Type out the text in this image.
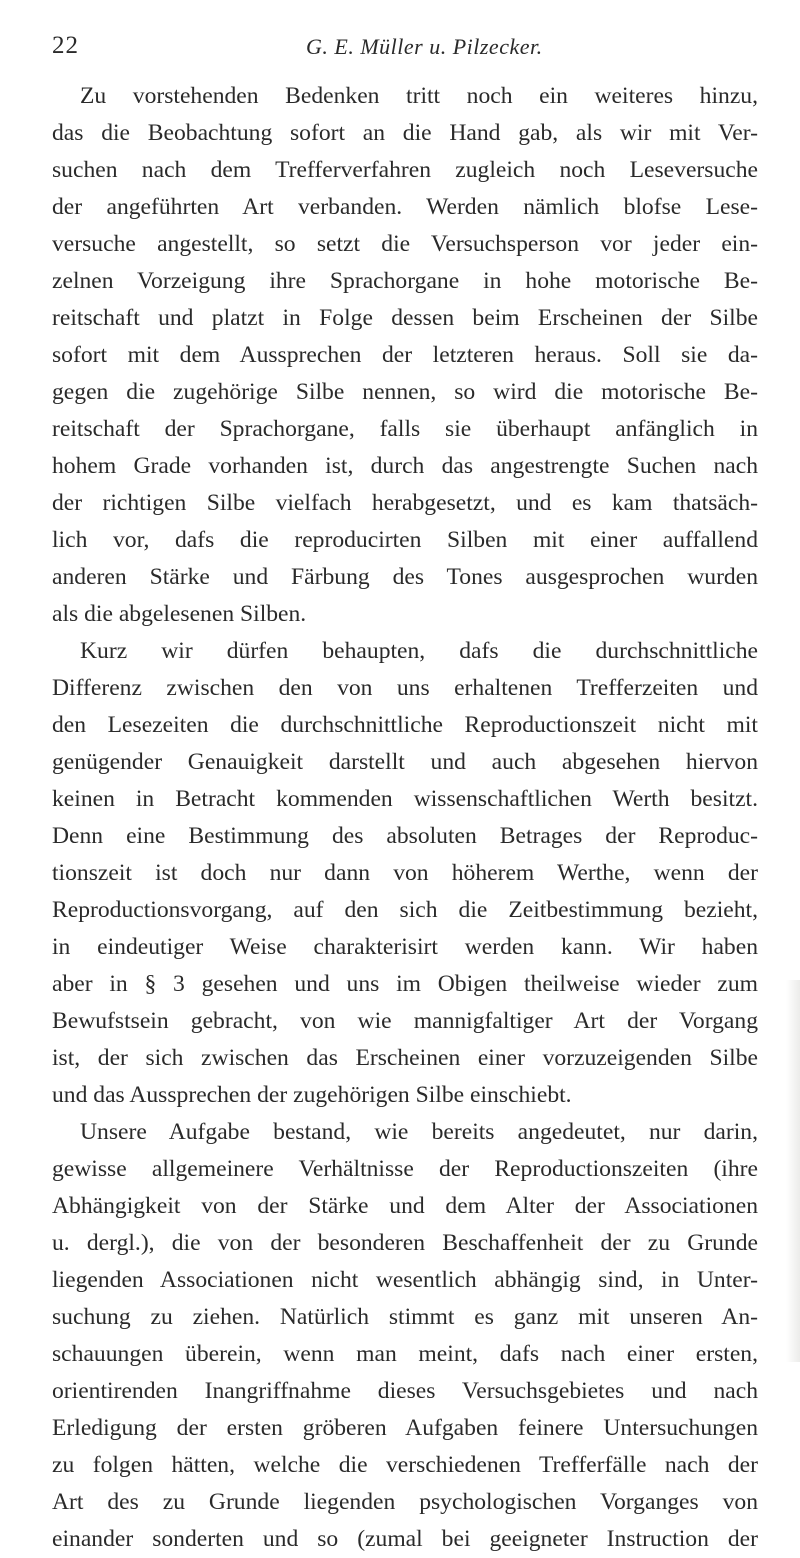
22	G. E. Müller u. Pilzecker.
Zu vorstehenden Bedenken tritt noch ein weiteres hinzu,
das die Beobachtung sofort an die Hand gab, als wir mit Ver-
suchen nach dem Trefferverfahren zugleich noch Leseversuche
der angeführten Art verbanden. Werden nämlich blofse Lese-
versuche angestellt, so setzt die Versuchsperson vor jeder ein-
zelnen Vorzeigung ihre Sprachorgane in hohe motorische Be-
reitschaft und platzt in Folge dessen beim Erscheinen der Silbe
sofort mit dem Aussprechen der letzteren heraus. Soll sie da-
gegen die zugehörige Silbe nennen, so wird die motorische Be-
reitschaft der Sprachorgane, falls sie überhaupt anfänglich in
hohem Grade vorhanden ist, durch das angestrengte Suchen nach
der richtigen Silbe vielfach herabgesetzt, und es kam thatsäch-
lich vor, dafs die reproducirten Silben mit einer auffallend
anderen Stärke und Färbung des Tones ausgesprochen wurden
als die abgelesenen Silben.
Kurz wir dürfen behaupten, dafs die durchschnittliche
Differenz zwischen den von uns erhaltenen Trefferzeiten und
den Lesezeiten die durchschnittliche Reproductionszeit nicht mit
genügender Genauigkeit darstellt und auch abgesehen hiervon
keinen in Betracht kommenden wissenschaftlichen Werth besitzt.
Denn eine Bestimmung des absoluten Betrages der Reproduc-
tionszeit ist doch nur dann von höherem Werthe, wenn der
Reproductionsvorgang, auf den sich die Zeitbestimmung bezieht,
in eindeutiger Weise charakterisirt werden kann. Wir haben
aber in § 3 gesehen und uns im Obigen theilweise wieder zum
Bewufstsein gebracht, von wie mannigfaltiger Art der Vorgang
ist, der sich zwischen das Erscheinen einer vorzuzeigenden Silbe
und das Aussprechen der zugehörigen Silbe einschiebt.
Unsere Aufgabe bestand, wie bereits angedeutet, nur darin,
gewisse allgemeinere Verhältnisse der Reproductionszeiten (ihre
Abhängigkeit von der Stärke und dem Alter der Associationen
u. dergl.), die von der besonderen Beschaffenheit der zu Grunde
liegenden Associationen nicht wesentlich abhängig sind, in Unter-
suchung zu ziehen. Natürlich stimmt es ganz mit unseren An-
schauungen überein, wenn man meint, dafs nach einer ersten,
orientirenden Inangriffnahme dieses Versuchsgebietes und nach
Erledigung der ersten gröberen Aufgaben feinere Untersuchungen
zu folgen hätten, welche die verschiedenen Trefferfälle nach der
Art des zu Grunde liegenden psychologischen Vorganges von
einander sonderten und so (zumal bei geeigneter Instruction der
